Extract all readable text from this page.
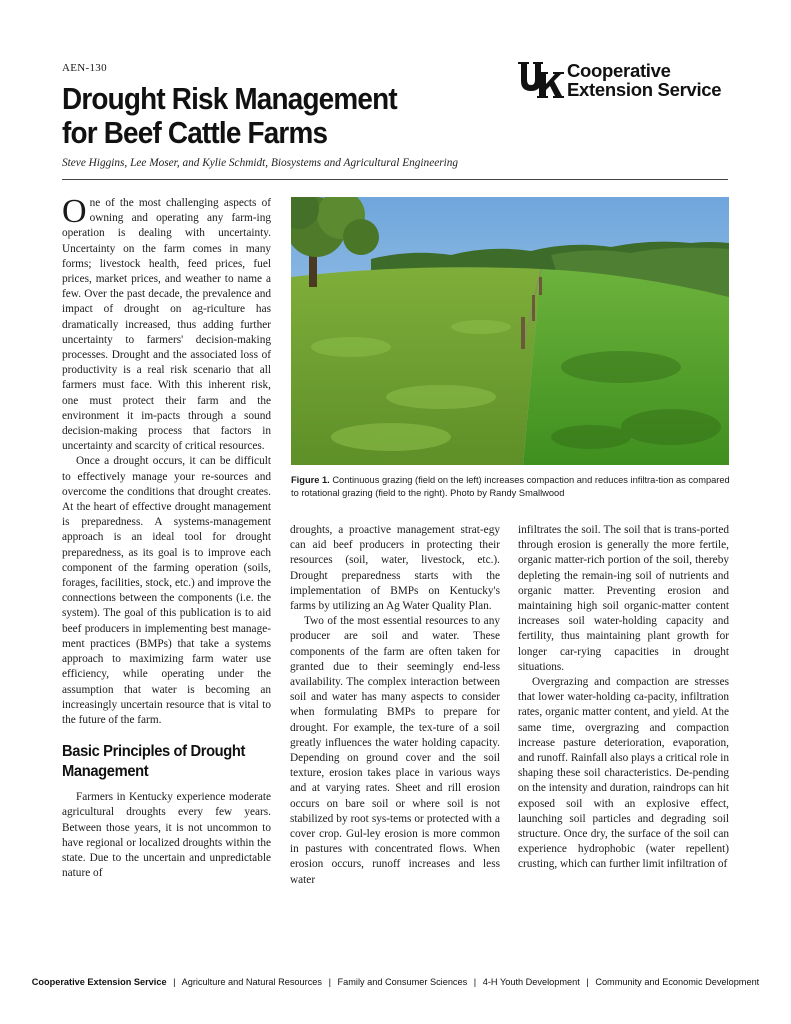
AEN-130	Cooperative
Extension Service
Drought Risk Management
for Beef Cattle Farms
Steve Higgins, Lee Moser, and Kylie Schmidt, Biosystems and Agricultural Engineering

One of the most challenging aspects of owning and operating any farm-ing operation is dealing with uncertainty. Uncertainty on the farm comes in many forms; livestock health, feed prices, fuel prices, market prices, and weather to name a few. Over the past decade, the prevalence and impact of drought on ag-riculture has dramatically increased, thus adding further uncertainty to farmers' decision-making processes. Drought and the associated loss of productivity is a real risk scenario that all farmers must face. With this inherent risk, one must protect their farm and the environment it im-pacts through a sound decision-making process that factors in uncertainty and scarcity of critical resources.

Once a drought occurs, it can be difficult to effectively manage your re-sources and overcome the conditions that drought creates. At the heart of effective drought management is preparedness. A systems-management approach is an ideal tool for drought preparedness, as its goal is to improve each component of the farming operation (soils, forages, facilities, stock, etc.) and improve the connections between the components (i.e. the system). The goal of this publication is to aid beef producers in implementing best manage-ment practices (BMPs) that take a systems approach to maximizing farm water use efficiency, while operating under the assumption that water is becoming an increasingly uncertain resource that is vital to the future of the farm.

Basic Principles of Drought Management

Farmers in Kentucky experience moderate agricultural droughts every few years. Between those years, it is not uncommon to have regional or localized droughts within the state. Due to the uncertain and unpredictable nature of

Figure 1. Continuous grazing (field on the left) increases compaction and reduces infiltra-tion as compared to rotational grazing (field to the right). Photo by Randy Smallwood

droughts, a proactive management strat-egy can aid beef producers in protecting their resources (soil, water, livestock, etc.). Drought preparedness starts with the implementation of BMPs on Kentucky's farms by utilizing an Ag Water Quality Plan.

Two of the most essential resources to any producer are soil and water. These components of the farm are often taken for granted due to their seemingly end-less availability. The complex interaction between soil and water has many aspects to consider when formulating BMPs to prepare for drought. For example, the tex-ture of a soil greatly influences the water holding capacity. Depending on ground cover and the soil texture, erosion takes place in various ways and at varying rates. Sheet and rill erosion occurs on bare soil or where soil is not stabilized by root sys-tems or protected with a cover crop. Gul-ley erosion is more common in pastures with concentrated flows. When erosion occurs, runoff increases and less water

infiltrates the soil. The soil that is trans-ported through erosion is generally the more fertile, organic matter-rich portion of the soil, thereby depleting the remain-ing soil of nutrients and organic matter. Preventing erosion and maintaining high soil organic-matter content increases soil water-holding capacity and fertility, thus maintaining plant growth for longer car-rying capacities in drought situations.

Overgrazing and compaction are stresses that lower water-holding ca-pacity, infiltration rates, organic matter content, and yield. At the same time, overgrazing and compaction increase pasture deterioration, evaporation, and runoff. Rainfall also plays a critical role in shaping these soil characteristics. De-pending on the intensity and duration, raindrops can hit exposed soil with an explosive effect, launching soil particles and degrading soil structure. Once dry, the surface of the soil can experience hydrophobic (water repellent) crusting, which can further limit infiltration of

Cooperative Extension Service | Agriculture and Natural Resources | Family and Consumer Sciences | 4-H Youth Development | Community and Economic Development
